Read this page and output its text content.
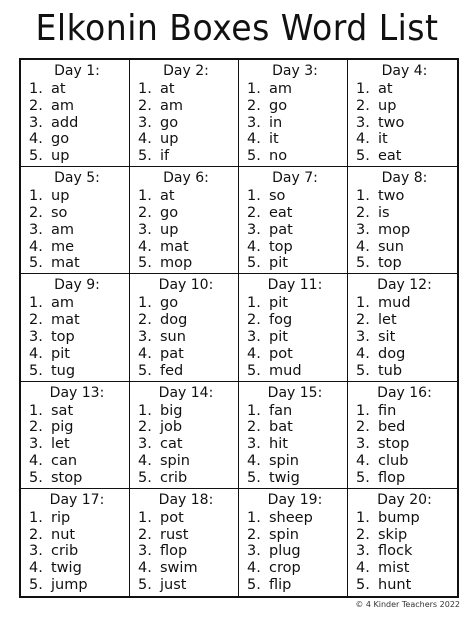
Elkonin Boxes Word List
Day 1:
1. at
2. am
3. add
4. go
5. up
Day 2:
1. at
2. am
3. go
4. up
5. if
Day 3:
1. am
2. go
3. in
4. it
5. no
Day 4:
1. at
2. up
3. two
4. it
5. eat
Day 5:
1. up
2. so
3. am
4. me
5. mat
Day 6:
1. at
2. go
3. up
4. mat
5. mop
Day 7:
1. so
2. eat
3. pat
4. top
5. pit
Day 8:
1. two
2. is
3. mop
4. sun
5. top
Day 9:
1. am
2. mat
3. top
4. pit
5. tug
Day 10:
1. go
2. dog
3. sun
4. pat
5. fed
Day 11:
1. pit
2. fog
3. pit
4. pot
5. mud
Day 12:
1. mud
2. let
3. sit
4. dog
5. tub
Day 13:
1. sat
2. pig
3. let
4. can
5. stop
Day 14:
1. big
2. job
3. cat
4. spin
5. crib
Day 15:
1. fan
2. bat
3. hit
4. spin
5. twig
Day 16:
1. fin
2. bed
3. stop
4. club
5. flop
Day 17:
1. rip
2. nut
3. crib
4. twig
5. jump
Day 18:
1. pot
2. rust
3. flop
4. swim
5. just
Day 19:
1. sheep
2. spin
3. plug
4. crop
5. flip
Day 20:
1. bump
2. skip
3. flock
4. mist
5. hunt
© 4 Kinder Teachers 2022
